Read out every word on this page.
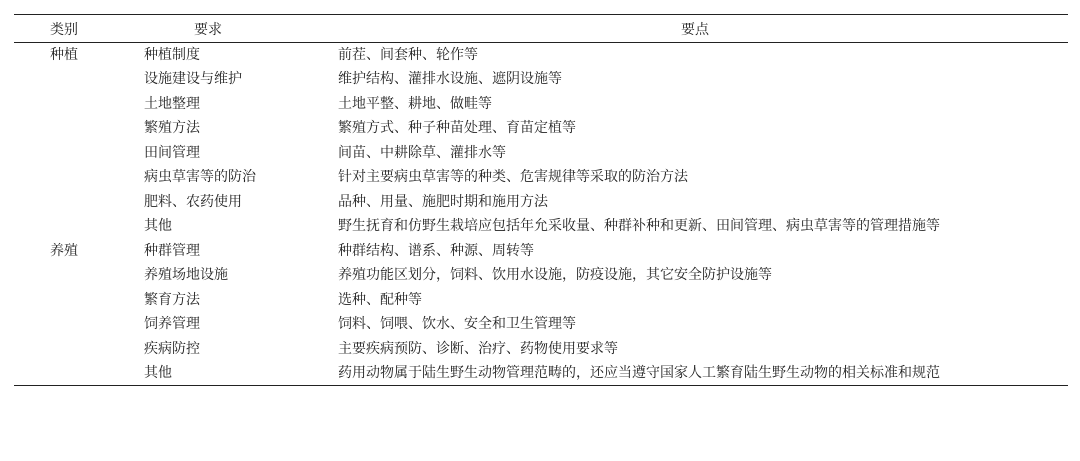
类别	要求	要点
种植	种植制度	前茬、间套种、轮作等
	设施建设与维护	维护结构、灌排水设施、遮阴设施等
	土地整理	土地平整、耕地、做畦等
	繁殖方法	繁殖方式、种子种苗处理、育苗定植等
	田间管理	间苗、中耕除草、灌排水等
	病虫草害等的防治	针对主要病虫草害等的种类、危害规律等采取的防治方法
	肥料、农药使用	品种、用量、施肥时期和施用方法
	其他	野生抚育和仿野生栽培应包括年允采收量、种群补种和更新、田间管理、病虫草害等的管理措施等
养殖	种群管理	种群结构、谱系、种源、周转等
	养殖场地设施	养殖功能区划分，饲料、饮用水设施，防疫设施，其它安全防护设施等
	繁育方法	选种、配种等
	饲养管理	饲料、饲喂、饮水、安全和卫生管理等
	疾病防控	主要疾病预防、诊断、治疗、药物使用要求等
	其他	药用动物属于陆生野生动物管理范畴的，还应当遵守国家人工繁育陆生野生动物的相关标准和规范
